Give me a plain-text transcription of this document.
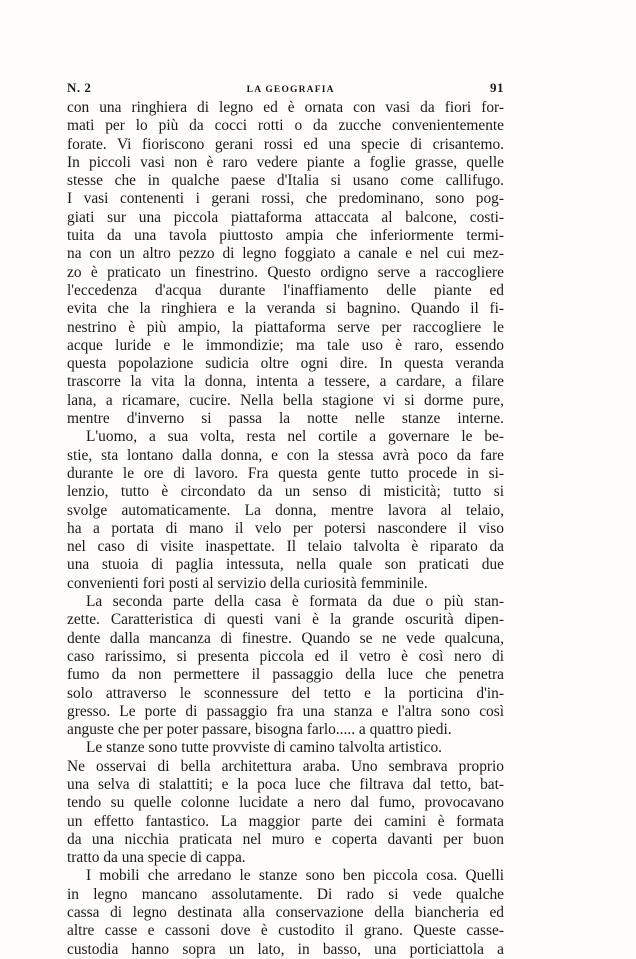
N. 2	LA GEOGRAFIA	91
con una ringhiera di legno ed è ornata con vasi da fiori for-
mati per lo più da cocci rotti o da zucche convenientemente
forate. Vi fioriscono gerani rossi ed una specie di crisantemo.
In piccoli vasi non è raro vedere piante a foglie grasse, quelle
stesse che in qualche paese d'Italia si usano come callifugo.
I vasi contenenti i gerani rossi, che predominano, sono pog-
giati sur una piccola piattaforma attaccata al balcone, costi-
tuita da una tavola piuttosto ampia che inferiormente termi-
na con un altro pezzo di legno foggiato a canale e nel cui mez-
zo è praticato un finestrino. Questo ordigno serve a raccogliere
l'eccedenza d'acqua durante l'inaffiamento delle piante ed
evita che la ringhiera e la veranda si bagnino. Quando il fi-
nestrino è più ampio, la piattaforma serve per raccogliere le
acque luride e le immondizie; ma tale uso è raro, essendo
questa popolazione sudicia oltre ogni dire. In questa veranda
trascorre la vita la donna, intenta a tessere, a cardare, a filare
lana, a ricamare, cucire. Nella bella stagione vi si dorme pure,
mentre d'inverno si passa la notte nelle stanze interne.
L'uomo, a sua volta, resta nel cortile a governare le be-
stie, sta lontano dalla donna, e con la stessa avrà poco da fare
durante le ore di lavoro. Fra questa gente tutto procede in si-
lenzio, tutto è circondato da un senso di misticità; tutto si
svolge automaticamente. La donna, mentre lavora al telaio,
ha a portata di mano il velo per potersi nascondere il viso
nel caso di visite inaspettate. Il telaio talvolta è riparato da
una stuoia di paglia intessuta, nella quale son praticati due
convenienti fori posti al servizio della curiosità femminile.
La seconda parte della casa è formata da due o più stan-
zette. Caratteristica di questi vani è la grande oscurità dipen-
dente dalla mancanza di finestre. Quando se ne vede qualcuna,
caso rarissimo, si presenta piccola ed il vetro è così nero di
fumo da non permettere il passaggio della luce che penetra
solo attraverso le sconnessure del tetto e la porticina d'in-
gresso. Le porte di passaggio fra una stanza e l'altra sono così
anguste che per poter passare, bisogna farlo..... a quattro piedi.
Le stanze sono tutte provviste di camino talvolta artistico.
Ne osservai di bella architettura araba. Uno sembrava proprio
una selva di stalattiti; e la poca luce che filtrava dal tetto, bat-
tendo su quelle colonne lucidate a nero dal fumo, provocavano
un effetto fantastico. La maggior parte dei camini è formata
da una nicchia praticata nel muro e coperta davanti per buon
tratto da una specie di cappa.
I mobili che arredano le stanze sono ben piccola cosa. Quelli
in legno mancano assolutamente. Di rado si vede qualche
cassa di legno destinata alla conservazione della biancheria ed
altre casse e cassoni dove è custodito il grano. Queste casse-
custodia hanno sopra un lato, in basso, una porticiattola a
